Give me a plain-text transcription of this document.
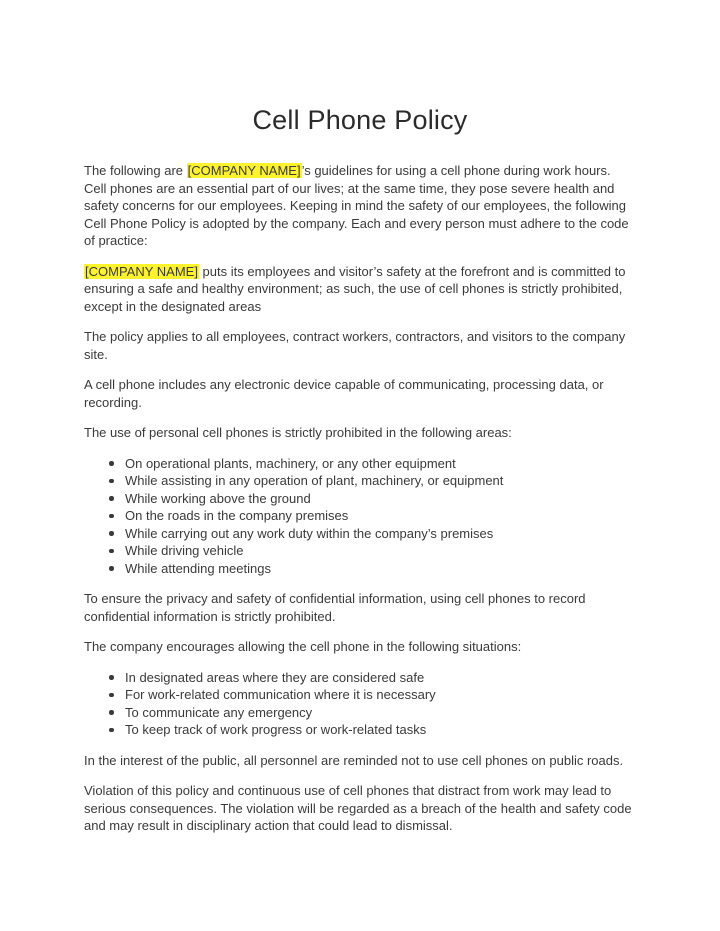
Cell Phone Policy

The following are [COMPANY NAME]’s guidelines for using a cell phone during work hours. Cell phones are an essential part of our lives; at the same time, they pose severe health and safety concerns for our employees. Keeping in mind the safety of our employees, the following Cell Phone Policy is adopted by the company. Each and every person must adhere to the code of practice:

[COMPANY NAME] puts its employees and visitor’s safety at the forefront and is committed to ensuring a safe and healthy environment; as such, the use of cell phones is strictly prohibited, except in the designated areas

The policy applies to all employees, contract workers, contractors, and visitors to the company site.

A cell phone includes any electronic device capable of communicating, processing data, or recording.

The use of personal cell phones is strictly prohibited in the following areas:

On operational plants, machinery, or any other equipment
While assisting in any operation of plant, machinery, or equipment
While working above the ground
On the roads in the company premises
While carrying out any work duty within the company’s premises
While driving vehicle
While attending meetings

To ensure the privacy and safety of confidential information, using cell phones to record confidential information is strictly prohibited.

The company encourages allowing the cell phone in the following situations:

In designated areas where they are considered safe
For work-related communication where it is necessary
To communicate any emergency
To keep track of work progress or work-related tasks

In the interest of the public, all personnel are reminded not to use cell phones on public roads.

Violation of this policy and continuous use of cell phones that distract from work may lead to serious consequences. The violation will be regarded as a breach of the health and safety code and may result in disciplinary action that could lead to dismissal.
